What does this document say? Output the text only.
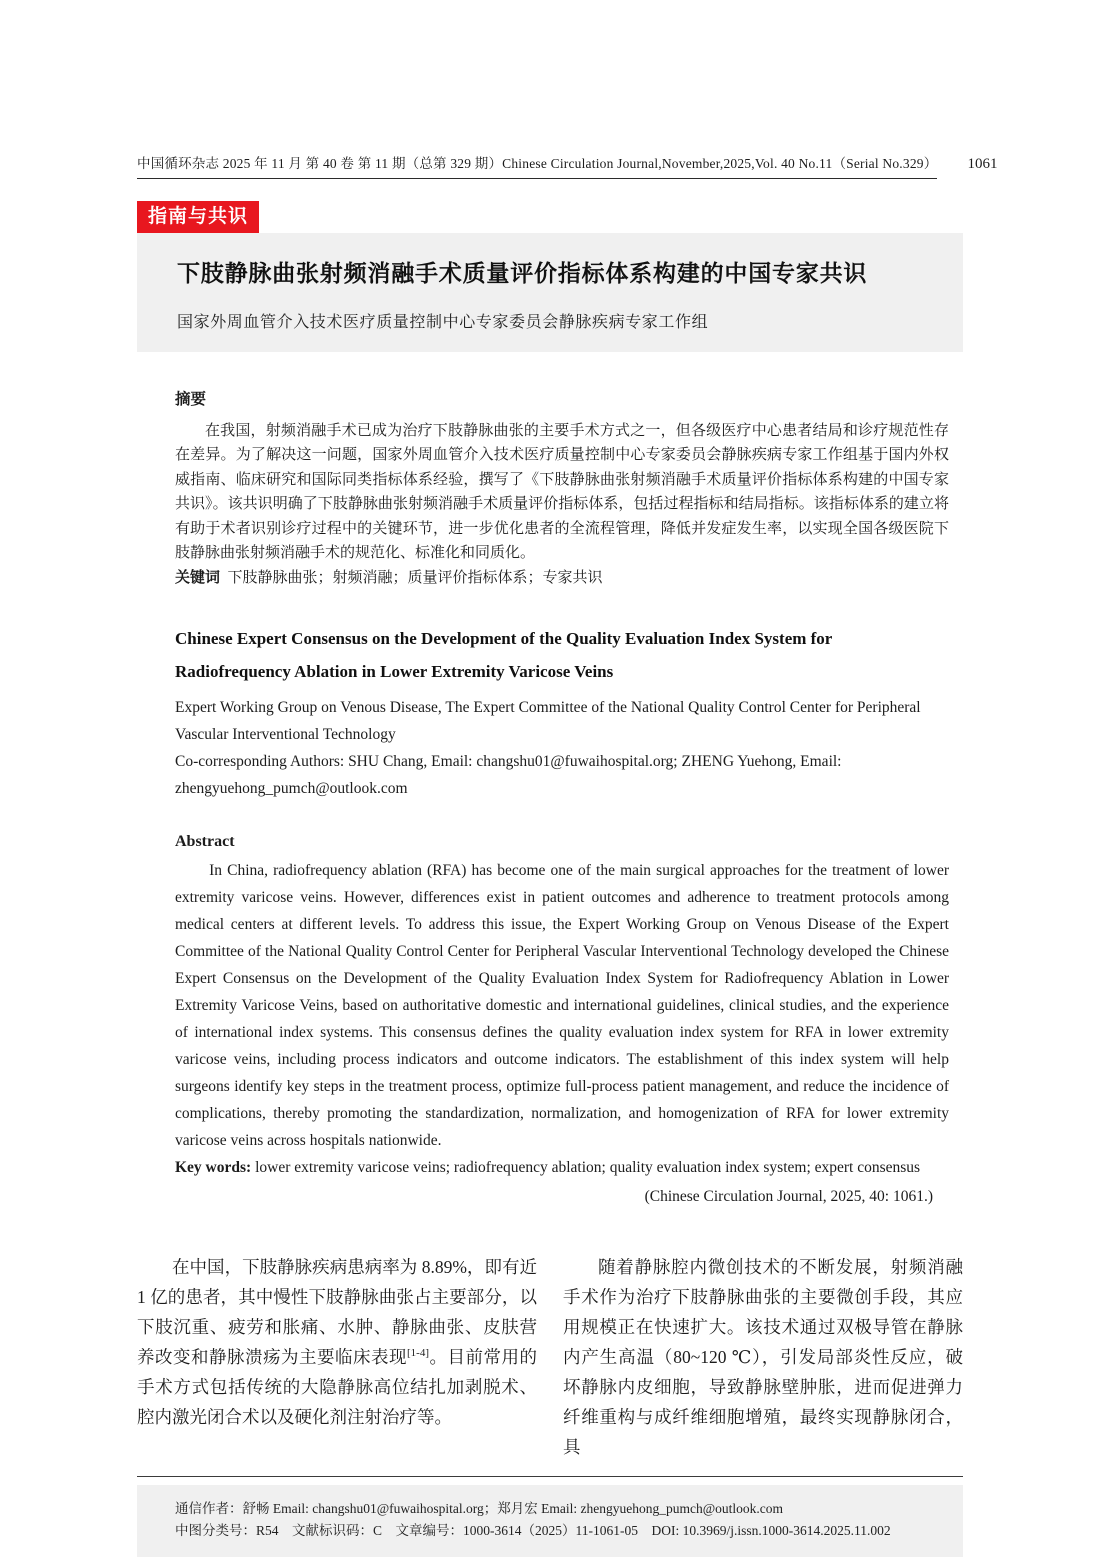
中国循环杂志 2025 年 11 月 第 40 卷 第 11 期（总第 329 期）Chinese Circulation Journal,November,2025,Vol. 40 No.11（Serial No.329）	1061
指南与共识
下肢静脉曲张射频消融手术质量评价指标体系构建的中国专家共识
国家外周血管介入技术医疗质量控制中心专家委员会静脉疾病专家工作组
摘要

在我国，射频消融手术已成为治疗下肢静脉曲张的主要手术方式之一，但各级医疗中心患者结局和诊疗规范性存在差异。为了解决这一问题，国家外周血管介入技术医疗质量控制中心专家委员会静脉疾病专家工作组基于国内外权威指南、临床研究和国际同类指标体系经验，撰写了《下肢静脉曲张射频消融手术质量评价指标体系构建的中国专家共识》。该共识明确了下肢静脉曲张射频消融手术质量评价指标体系，包括过程指标和结局指标。该指标体系的建立将有助于术者识别诊疗过程中的关键环节，进一步优化患者的全流程管理，降低并发症发生率，以实现全国各级医院下肢静脉曲张射频消融手术的规范化、标准化和同质化。

关键词 下肢静脉曲张；射频消融；质量评价指标体系；专家共识

Chinese Expert Consensus on the Development of the Quality Evaluation Index System for Radiofrequency Ablation in Lower Extremity Varicose Veins

Expert Working Group on Venous Disease, The Expert Committee of the National Quality Control Center for Peripheral Vascular Interventional Technology

Co-corresponding Authors: SHU Chang, Email: changshu01@fuwaihospital.org; ZHENG Yuehong, Email: zhengyuehong_pumch@outlook.com

Abstract

In China, radiofrequency ablation (RFA) has become one of the main surgical approaches for the treatment of lower extremity varicose veins. However, differences exist in patient outcomes and adherence to treatment protocols among medical centers at different levels. To address this issue, the Expert Working Group on Venous Disease of the Expert Committee of the National Quality Control Center for Peripheral Vascular Interventional Technology developed the Chinese Expert Consensus on the Development of the Quality Evaluation Index System for Radiofrequency Ablation in Lower Extremity Varicose Veins, based on authoritative domestic and international guidelines, clinical studies, and the experience of international index systems. This consensus defines the quality evaluation index system for RFA in lower extremity varicose veins, including process indicators and outcome indicators. The establishment of this index system will help surgeons identify key steps in the treatment process, optimize full-process patient management, and reduce the incidence of complications, thereby promoting the standardization, normalization, and homogenization of RFA for lower extremity varicose veins across hospitals nationwide.

Key words: lower extremity varicose veins; radiofrequency ablation; quality evaluation index system; expert consensus

(Chinese Circulation Journal, 2025, 40: 1061.)

在中国，下肢静脉疾病患病率为 8.89%，即有近 1 亿的患者，其中慢性下肢静脉曲张占主要部分，以下肢沉重、疲劳和胀痛、水肿、静脉曲张、皮肤营养改变和静脉溃疡为主要临床表现[1-4]。目前常用的手术方式包括传统的大隐静脉高位结扎加剥脱术、腔内激光闭合术以及硬化剂注射治疗等。

随着静脉腔内微创技术的不断发展，射频消融手术作为治疗下肢静脉曲张的主要微创手段，其应用规模正在快速扩大。该技术通过双极导管在静脉内产生高温（80~120 ℃），引发局部炎性反应，破坏静脉内皮细胞，导致静脉壁肿胀，进而促进弹力纤维重构与成纤维细胞增殖，最终实现静脉闭合，具

通信作者：舒畅 Email: changshu01@fuwaihospital.org；郑月宏 Email: zhengyuehong_pumch@outlook.com
中图分类号：R54　文献标识码：C　文章编号：1000-3614（2025）11-1061-05　DOI: 10.3969/j.issn.1000-3614.2025.11.002
